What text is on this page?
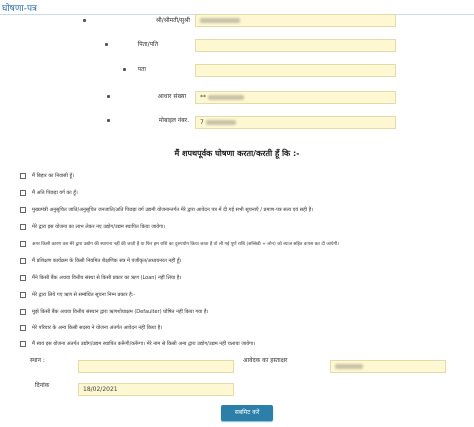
घोषणा-पत्र
श्री/श्रीमती/सुश्री
पिता/पति
पता
आधार संख्या	**
मोबाइल नंबर.	7
मैं शपथपूर्वक घोषणा करता/करती हूँ कि :-
मैं बिहार का निवासी हूँ।
मैं अति पिछड़ा वर्ग का हूँ।
मुख्यमंत्री अनुसूचित जाति/अनुसूचित जनजाति/अति पिछड़ा वर्ग उद्यमी योजनान्तर्गत मेरे द्वारा आवेदन पत्र में दी गई सभी सूचनाएँ / प्रमाण-पत्र सत्य एवं सही है।
मेरे द्वारा इस योजना का लाभ लेकर नए उद्योग/उद्यम स्थापित किया जायेगा।
अगर किसी कारण वश मेरे द्वारा उद्योग की स्थापना नहीं की जाती है या फिर हम राशि का दुरुपयोग किया जाता है तो ली गई पूर्ण राशि (सब्सिडी + लोन) को ब्याज सहित वापस कर दी जायेगी।
मैं प्रशिक्षण कार्यक्रम के किसी नियमित शैक्षणिक सत्र में पंजीकृत/अध्ययनरत नहीं हूँ।
मैंने किसी बैंक अथवा वित्तीय संस्था से किसी प्रकार का ऋण (Loan) नहीं लिया है।
मेरे द्वारा लिये गए ऋण से सम्बंधित सूचना निम्न प्रकार है:-
मुझे किसी बैंक अथवा वित्तीय संस्थान द्वारा ऋणशोधाक्षम (Defaulter) घोषित नहीं किया गया है।
मेरे परिवार के अन्य किसी सदस्य ने योजना अंतर्गत आवेदन नहीं किया है।
मैं स्वयं इस योजना अंतर्गत उद्योग/उद्यम स्थापित करूँगी/करूँगा। मेरे नाम से किसी अन्य द्वारा उद्योग/उद्यम नहीं चलाया जायेगा।
स्थान :	आवेदक का हस्ताक्षर
दिनांक
18/02/2021
सबमिट करें
